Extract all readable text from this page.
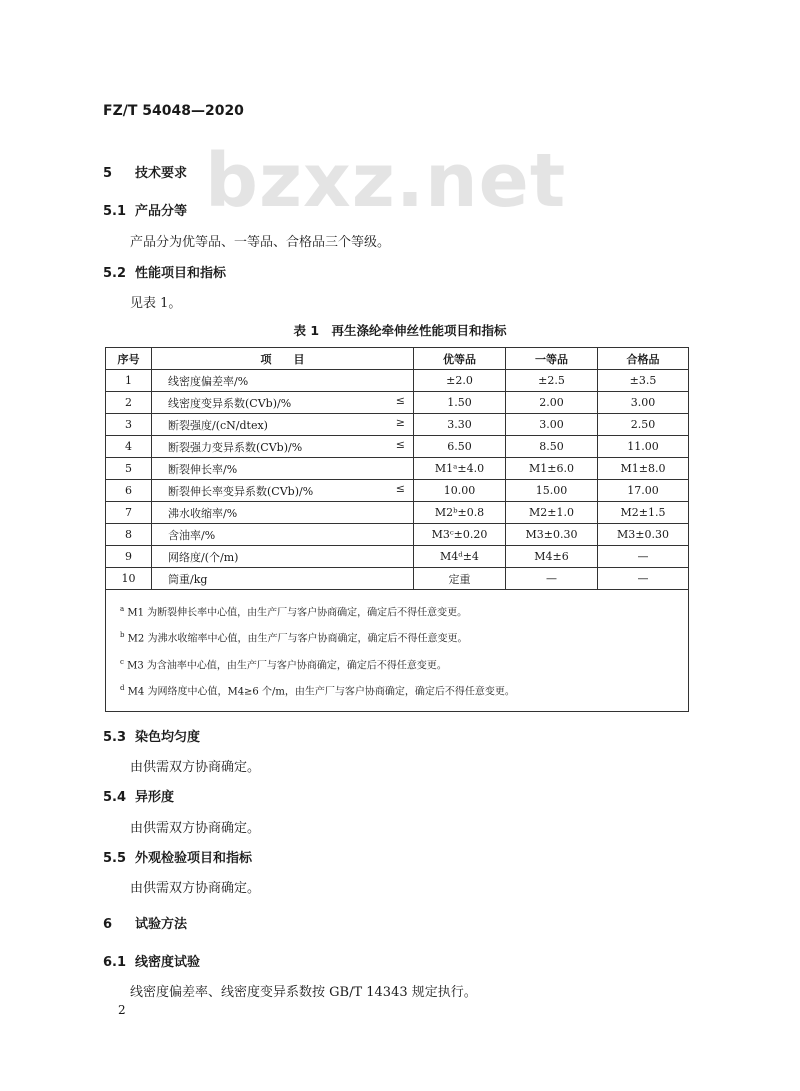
FZ/T 54048—2020
bzxz.net
5 技术要求
5.1 产品分等
产品分为优等品、一等品、合格品三个等级。
5.2 性能项目和指标
见表 1。
表 1　再生涤纶牵伸丝性能项目和指标
序号	项　　目	优等品	一等品	合格品
1	线密度偏差率/%	±2.0	±2.5	±3.5
2	线密度变异系数(CVb)/% ≤	1.50	2.00	3.00
3	断裂强度/(cN/dtex) ≥	3.30	3.00	2.50
4	断裂强力变异系数(CVb)/% ≤	6.50	8.50	11.00
5	断裂伸长率/%	M1ᵃ±4.0	M1±6.0	M1±8.0
6	断裂伸长率变异系数(CVb)/% ≤	10.00	15.00	17.00
7	沸水收缩率/%	M2ᵇ±0.8	M2±1.0	M2±1.5
8	含油率/%	M3ᶜ±0.20	M3±0.30	M3±0.30
9	网络度/(个/m)	M4ᵈ±4	M4±6	—
10	筒重/kg	定重	—	—

$^a$ M1 为断裂伸长率中心值，由生产厂与客户协商确定，确定后不得任意变更。
$^b$ M2 为沸水收缩率中心值，由生产厂与客户协商确定，确定后不得任意变更。
$^c$ M3 为含油率中心值，由生产厂与客户协商确定，确定后不得任意变更。
$^d$ M4 为网络度中心值，M4≥6 个/m，由生产厂与客户协商确定，确定后不得任意变更。				
5.3 染色均匀度
由供需双方协商确定。
5.4 异形度
由供需双方协商确定。
5.5 外观检验项目和指标
由供需双方协商确定。
6 试验方法
6.1 线密度试验
线密度偏差率、线密度变异系数按 GB/T 14343 规定执行。
2
